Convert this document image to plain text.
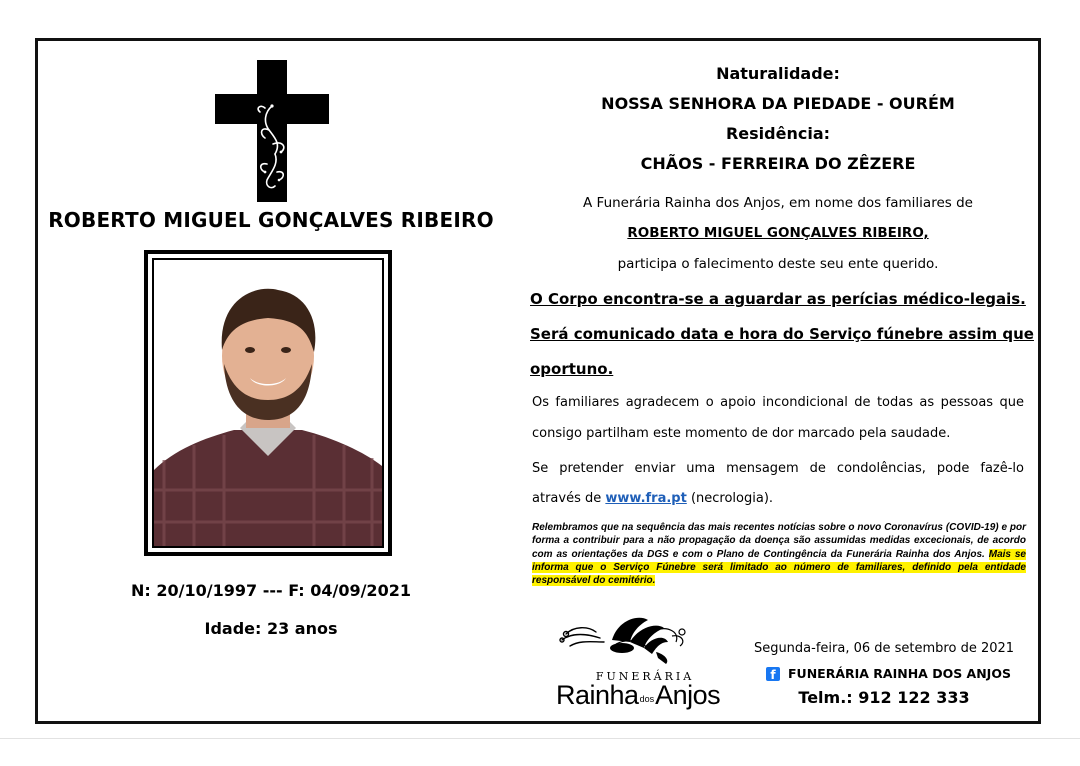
ROBERTO MIGUEL GONÇALVES RIBEIRO
N: 20/10/1997 --- F: 04/09/2021
Idade: 23 anos
Naturalidade:
NOSSA SENHORA DA PIEDADE - OURÉM
Residência:
CHÃOS - FERREIRA DO ZÊZERE
A Funerária Rainha dos Anjos, em nome dos familiares de
ROBERTO MIGUEL GONÇALVES RIBEIRO,
participa o falecimento deste seu ente querido.
O Corpo encontra-se a aguardar as perícias médico-legais.
Será comunicado data e hora do Serviço fúnebre assim que
oportuno.
Os familiares agradecem o apoio incondicional de todas as pessoas que
consigo partilham este momento de dor marcado pela saudade.
Se pretender enviar uma mensagem de condolências, pode fazê-lo
através de www.fra.pt (necrologia).
Relembramos que na sequência das mais recentes notícias sobre o novo Coronavírus (COVID-19) e por forma a contribuir para a não propagação da doença são assumidas medidas excecionais, de acordo com as orientações da DGS e com o Plano de Contingência da Funerária Rainha dos Anjos. Mais se informa que o Serviço Fúnebre será limitado ao número de familiares, definido pela entidade responsável do cemitério.
FUNERÁRIA
RainhadosAnjos
Segunda-feira, 06 de setembro de 2021
f FUNERÁRIA RAINHA DOS ANJOS
Telm.: 912 122 333
